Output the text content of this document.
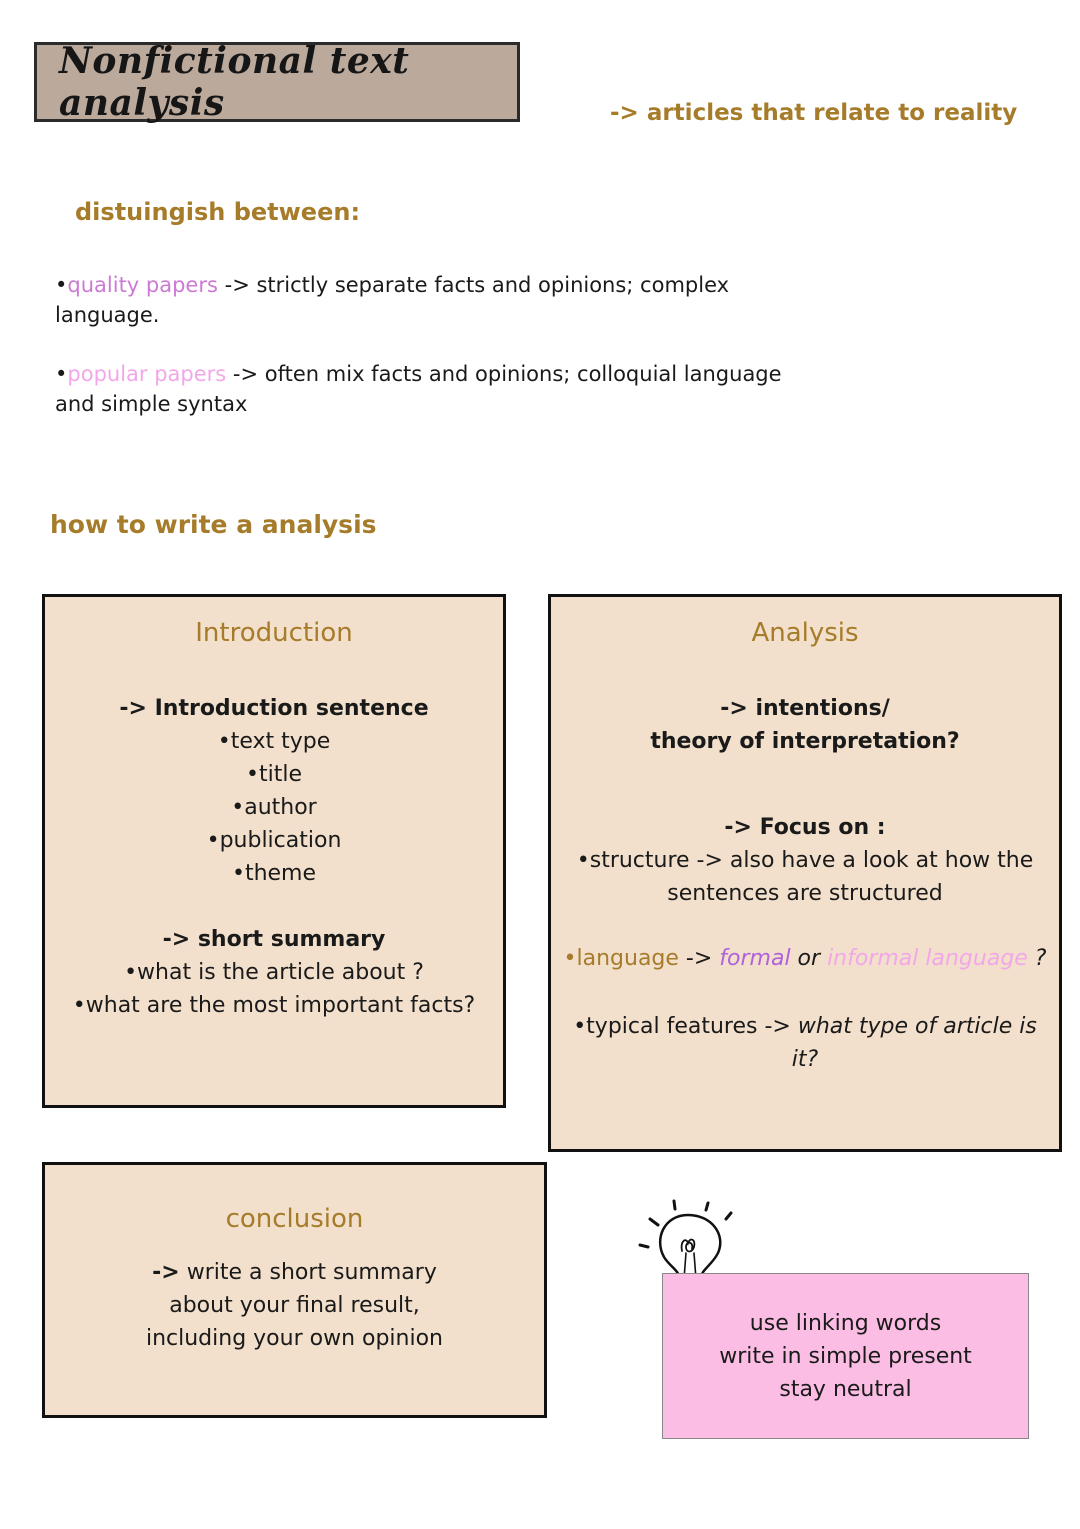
Nonfictional text analysis	-> articles that relate to reality
distuingish between:
•quality papers -> strictly separate facts and opinions; complex
language.
•popular papers -> often mix facts and opinions; colloquial language
and simple syntax
how to write a analysis
Introduction
-> Introduction sentence
•text type
•title
•author
•publication
•theme
-> short summary
•what is the article about ?
•what are the most important facts?
Analysis
-> intentions/
theory of interpretation?
-> Focus on :
•structure -> also have a look at how the
sentences are structured
•language -> formal or informal language ?
•typical features -> what type of article is
it?
conclusion
-> write a short summary
about your final result,
including your own opinion
use linking words
write in simple present
stay neutral
